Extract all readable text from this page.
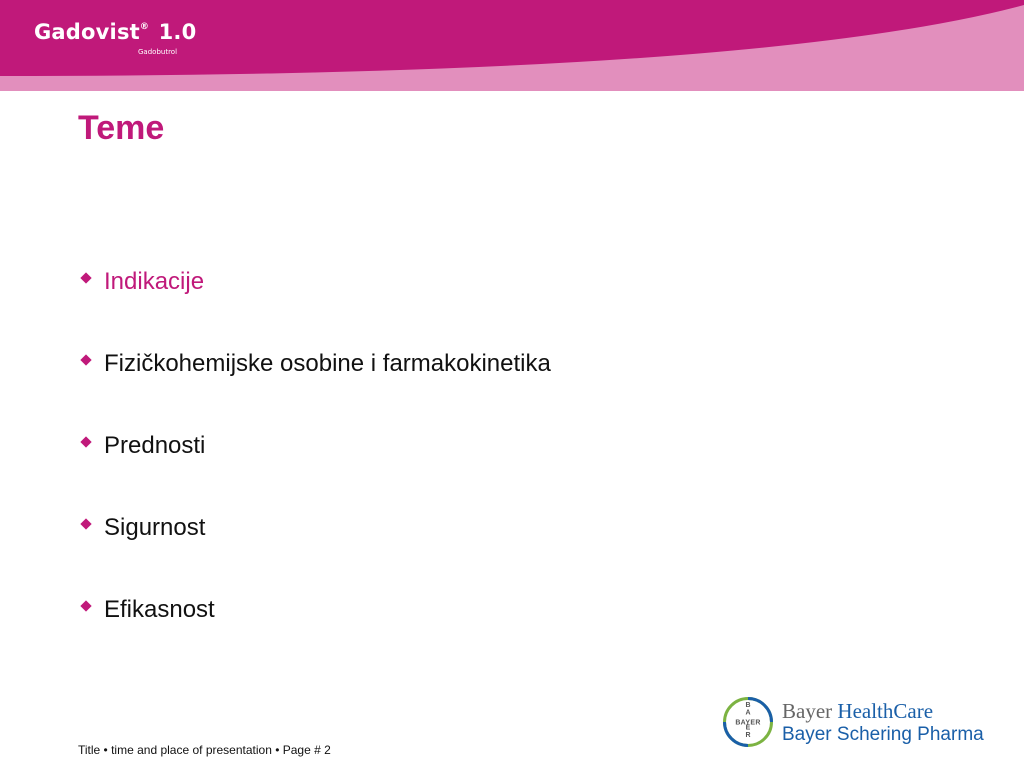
Gadovist® 1.0
Gadobutrol
Teme
Indikacije
Fizičkohemijske osobine i farmakokinetika
Prednosti
Sigurnost
Efikasnost
Title • time and place of presentation • Page # 2
B
A
E
R
BAYER Bayer HealthCare
Bayer Schering Pharma
